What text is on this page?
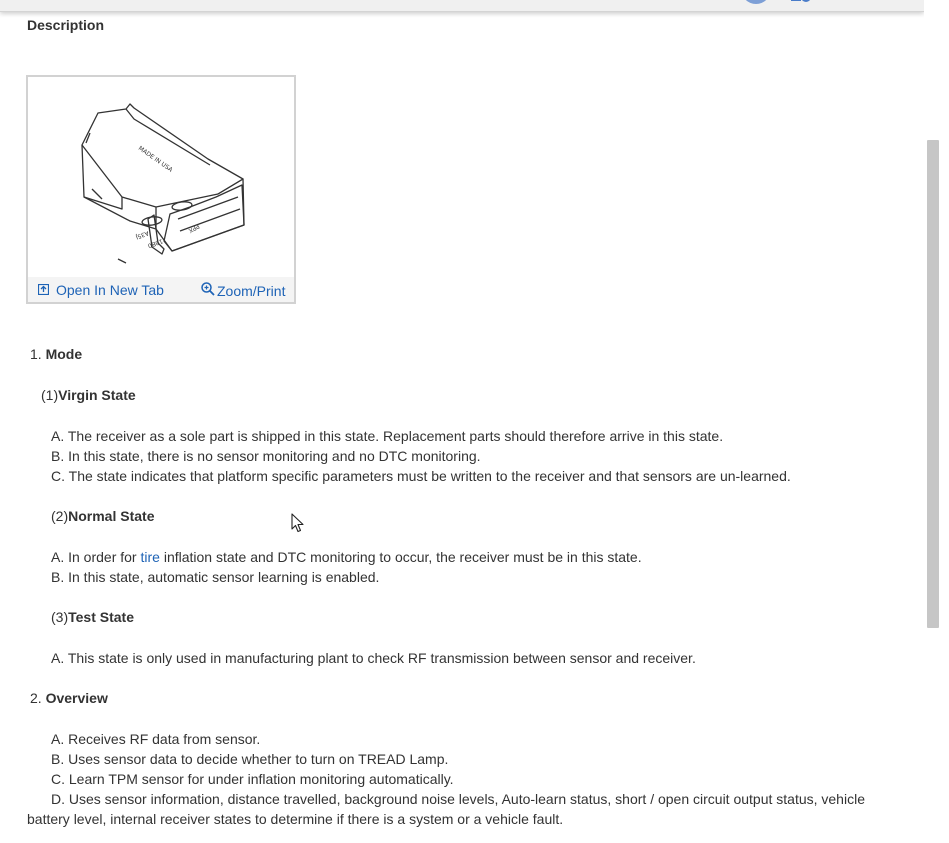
Description
MADE IN USA
A35J
10B0
PPX
Open In New Tab	Zoom/Print
1. Mode
(1)Virgin State
A. The receiver as a sole part is shipped in this state. Replacement parts should therefore arrive in this state.
B. In this state, there is no sensor monitoring and no DTC monitoring.
C. The state indicates that platform specific parameters must be written to the receiver and that sensors are un-learned.
(2)Normal State
A. In order for tire inflation state and DTC monitoring to occur, the receiver must be in this state.
B. In this state, automatic sensor learning is enabled.
(3)Test State
A. This state is only used in manufacturing plant to check RF transmission between sensor and receiver.
2. Overview
A. Receives RF data from sensor.
B. Uses sensor data to decide whether to turn on TREAD Lamp.
C. Learn TPM sensor for under inflation monitoring automatically.
D. Uses sensor information, distance travelled, background noise levels, Auto-learn status, short / open circuit output status, vehicle
battery level, internal receiver states to determine if there is a system or a vehicle fault.
